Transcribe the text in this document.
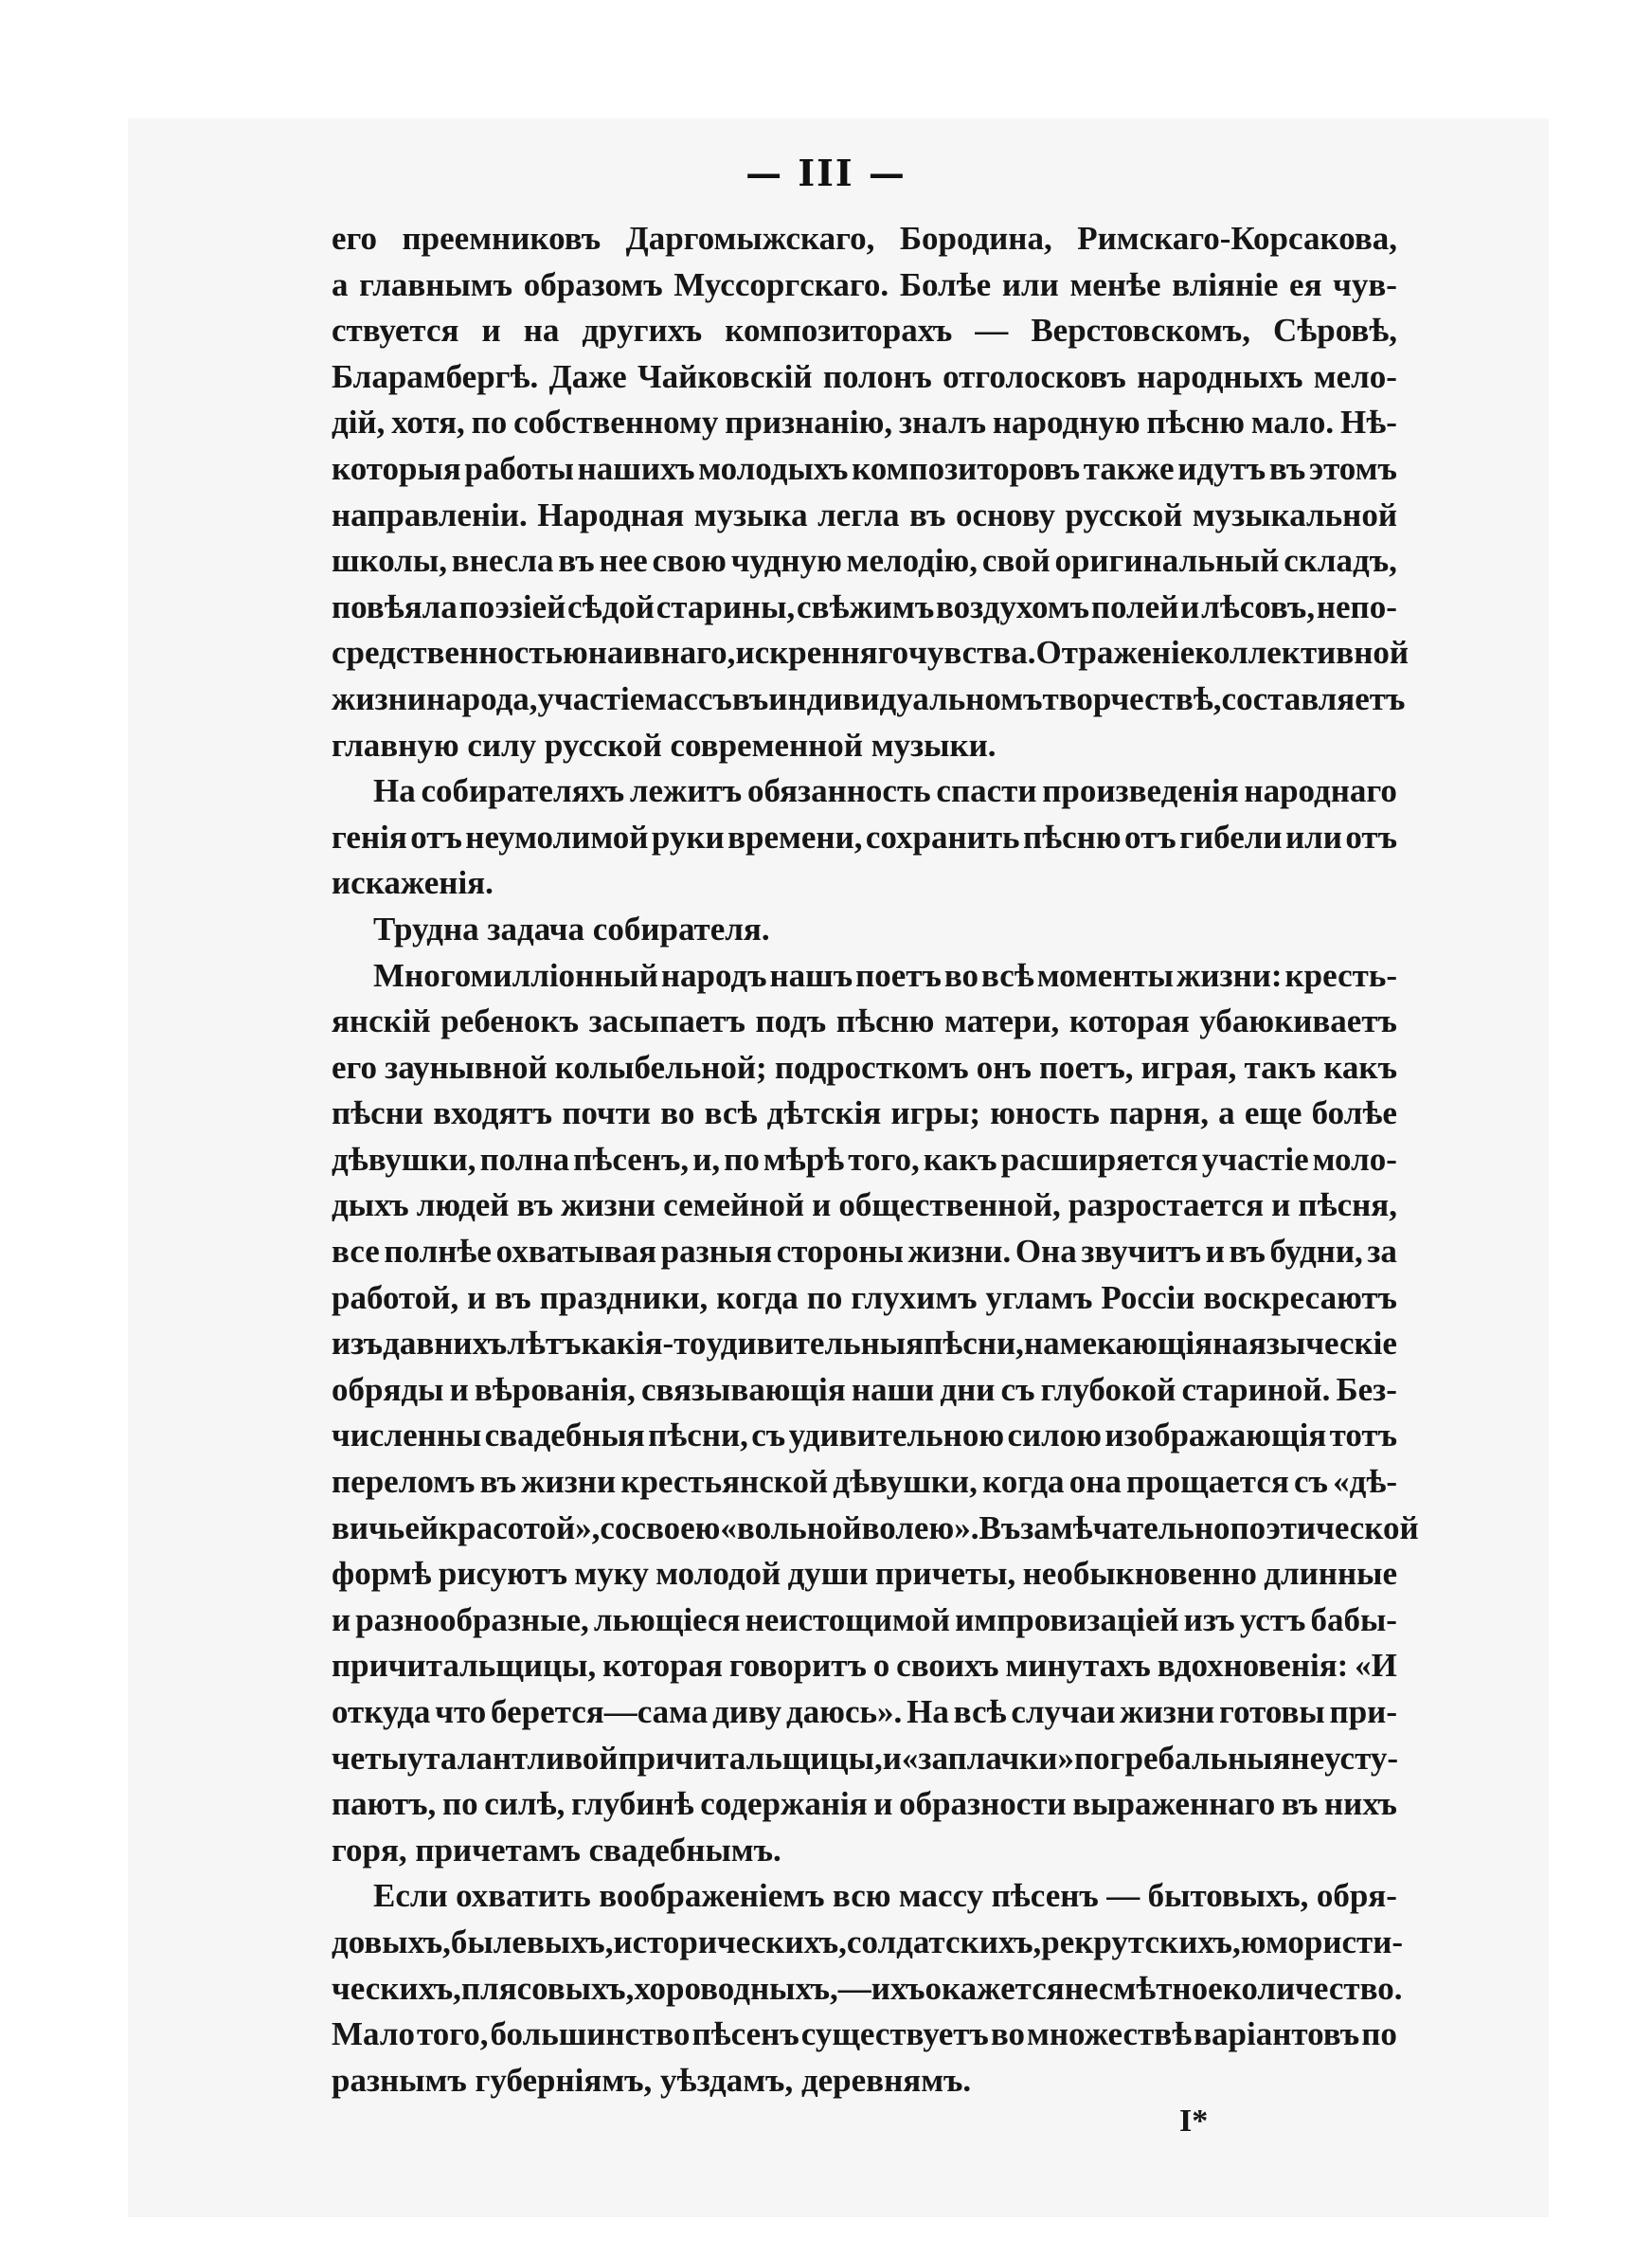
— III —
его преемниковъ Даргомыжскаго, Бородина, Римскаго-Корсакова,
а главнымъ образомъ Муссоргскаго. Болѣе или менѣе вліяніе ея чув-
ствуется и на другихъ композиторахъ — Верстовскомъ, Сѣровѣ,
Бларамбергѣ. Даже Чайковскій полонъ отголосковъ народныхъ мело-
дій, хотя, по собственному признанію, зналъ народную пѣсню мало. Нѣ-
которыя работы нашихъ молодыхъ композиторовъ также идутъ въ этомъ
направленіи. Народная музыка легла въ основу русской музыкальной
школы, внесла въ нее свою чудную мелодію, свой оригинальный складъ,
повѣяла поэзіей сѣдой старины, свѣжимъ воздухомъ полей и лѣсовъ, непо-
средственностью наивнаго, искренняго чувства. Отраженіе коллективной
жизни народа, участіе массъ въ индивидуальномъ творчествѣ, составляетъ
главную силу русской современной музыки.
На собирателяхъ лежитъ обязанность спасти произведенія народнаго
генія отъ неумолимой руки времени, сохранить пѣсню отъ гибели или отъ
искаженія.
Трудна задача собирателя.
Многомилліонный народъ нашъ поетъ во всѣ моменты жизни: кресть-
янскій ребенокъ засыпаетъ подъ пѣсню матери, которая убаюкиваетъ
его заунывной колыбельной; подросткомъ онъ поетъ, играя, такъ какъ
пѣсни входятъ почти во всѣ дѣтскія игры; юность парня, а еще болѣе
дѣвушки, полна пѣсенъ, и, по мѣрѣ того, какъ расширяется участіе моло-
дыхъ людей въ жизни семейной и общественной, разростается и пѣсня,
все полнѣе охватывая разныя стороны жизни. Она звучитъ и въ будни, за
работой, и въ праздники, когда по глухимъ угламъ Россіи воскресаютъ
изъ давнихъ лѣтъ какія-то удивительныя пѣсни, намекающія на языческіе
обряды и вѣрованія, связывающія наши дни съ глубокой стариной. Без-
численны свадебныя пѣсни, съ удивительною силою изображающія тотъ
переломъ въ жизни крестьянской дѣвушки, когда она прощается съ «дѣ-
вичьей красотой», со своею «вольной волею». Въ замѣчательно поэтической
формѣ рисуютъ муку молодой души причеты, необыкновенно длинные
и разнообразные, льющіеся неистощимой импровизаціей изъ устъ бабы-
причитальщицы, которая говоритъ о своихъ минутахъ вдохновенія: «И
откуда что берется—сама диву даюсь». На всѣ случаи жизни готовы при-
четы у талантливой причитальщицы, и «заплачки» погребальныя не усту-
паютъ, по силѣ, глубинѣ содержанія и образности выраженнаго въ нихъ
горя, причетамъ свадебнымъ.
Если охватить воображеніемъ всю массу пѣсенъ — бытовыхъ, обря-
довыхъ, былевыхъ, историческихъ, солдатскихъ, рекрутскихъ, юмористи-
ческихъ, плясовыхъ, хороводныхъ, — ихъ окажется несмѣтное количество.
Мало того, большинство пѣсенъ существуетъ во множествѣ варіантовъ по
разнымъ губерніямъ, уѣздамъ, деревнямъ.
I*
